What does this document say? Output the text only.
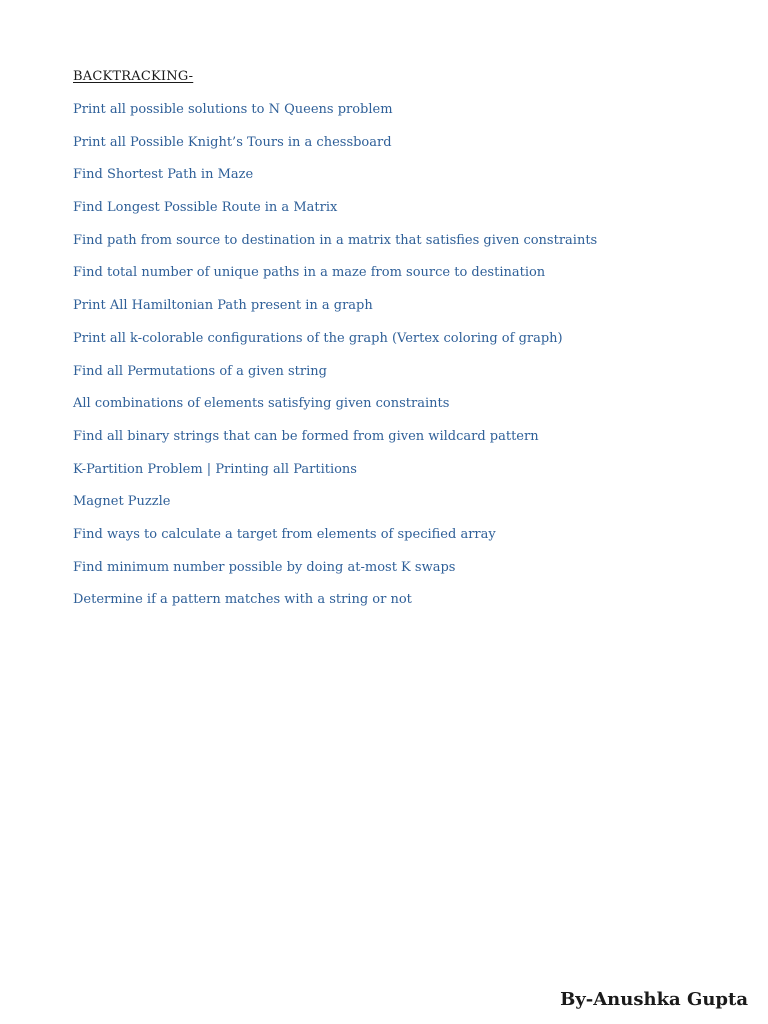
BACKTRACKING-
Print all possible solutions to N Queens problem
Print all Possible Knight’s Tours in a chessboard
Find Shortest Path in Maze
Find Longest Possible Route in a Matrix
Find path from source to destination in a matrix that satisfies given constraints
Find total number of unique paths in a maze from source to destination
Print All Hamiltonian Path present in a graph
Print all k-colorable configurations of the graph (Vertex coloring of graph)
Find all Permutations of a given string
All combinations of elements satisfying given constraints
Find all binary strings that can be formed from given wildcard pattern
K-Partition Problem | Printing all Partitions
Magnet Puzzle
Find ways to calculate a target from elements of specified array
Find minimum number possible by doing at-most K swaps
Determine if a pattern matches with a string or not
By-Anushka Gupta
